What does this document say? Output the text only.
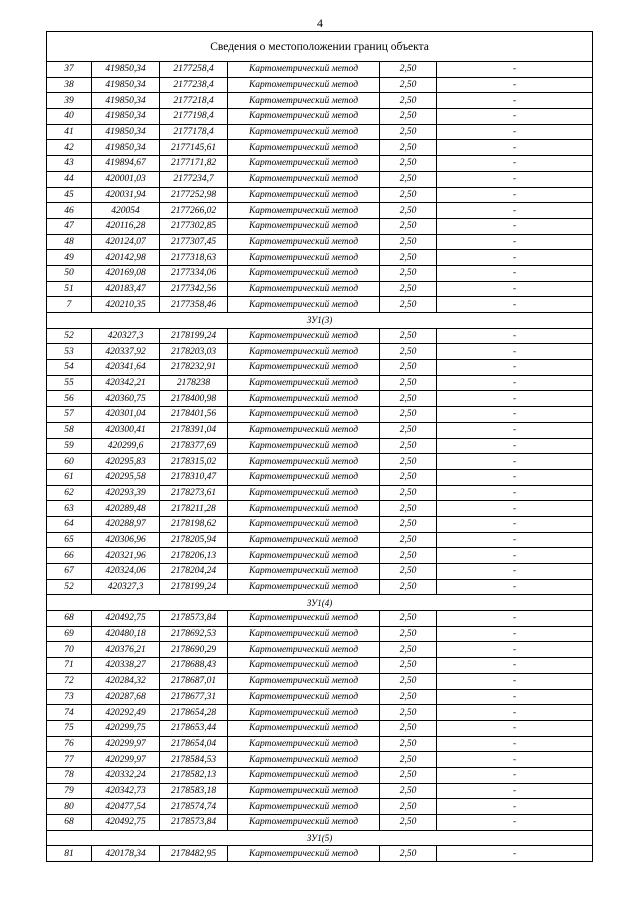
4
Сведения о местоположении границ объекта					
37	419850,34	2177258,4	Картометрический метод	2,50	-
38	419850,34	2177238,4	Картометрический метод	2,50	-
39	419850,34	2177218,4	Картометрический метод	2,50	-
40	419850,34	2177198,4	Картометрический метод	2,50	-
41	419850,34	2177178,4	Картометрический метод	2,50	-
42	419850,34	2177145,61	Картометрический метод	2,50	-
43	419894,67	2177171,82	Картометрический метод	2,50	-
44	420001,03	2177234,7	Картометрический метод	2,50	-
45	420031,94	2177252,98	Картометрический метод	2,50	-
46	420054	2177266,02	Картометрический метод	2,50	-
47	420116,28	2177302,85	Картометрический метод	2,50	-
48	420124,07	2177307,45	Картометрический метод	2,50	-
49	420142,98	2177318,63	Картометрический метод	2,50	-
50	420169,08	2177334,06	Картометрический метод	2,50	-
51	420183,47	2177342,56	Картометрический метод	2,50	-
7	420210,35	2177358,46	Картометрический метод	2,50	-
ЗУ1(3)					
52	420327,3	2178199,24	Картометрический метод	2,50	-
53	420337,92	2178203,03	Картометрический метод	2,50	-
54	420341,64	2178232,91	Картометрический метод	2,50	-
55	420342,21	2178238	Картометрический метод	2,50	-
56	420360,75	2178400,98	Картометрический метод	2,50	-
57	420301,04	2178401,56	Картометрический метод	2,50	-
58	420300,41	2178391,04	Картометрический метод	2,50	-
59	420299,6	2178377,69	Картометрический метод	2,50	-
60	420295,83	2178315,02	Картометрический метод	2,50	-
61	420295,58	2178310,47	Картометрический метод	2,50	-
62	420293,39	2178273,61	Картометрический метод	2,50	-
63	420289,48	2178211,28	Картометрический метод	2,50	-
64	420288,97	2178198,62	Картометрический метод	2,50	-
65	420306,96	2178205,94	Картометрический метод	2,50	-
66	420321,96	2178206,13	Картометрический метод	2,50	-
67	420324,06	2178204,24	Картометрический метод	2,50	-
52	420327,3	2178199,24	Картометрический метод	2,50	-
ЗУ1(4)					
68	420492,75	2178573,84	Картометрический метод	2,50	-
69	420480,18	2178692,53	Картометрический метод	2,50	-
70	420376,21	2178690,29	Картометрический метод	2,50	-
71	420338,27	2178688,43	Картометрический метод	2,50	-
72	420284,32	2178687,01	Картометрический метод	2,50	-
73	420287,68	2178677,31	Картометрический метод	2,50	-
74	420292,49	2178654,28	Картометрический метод	2,50	-
75	420299,75	2178653,44	Картометрический метод	2,50	-
76	420299,97	2178654,04	Картометрический метод	2,50	-
77	420299,97	2178584,53	Картометрический метод	2,50	-
78	420332,24	2178582,13	Картометрический метод	2,50	-
79	420342,73	2178583,18	Картометрический метод	2,50	-
80	420477,54	2178574,74	Картометрический метод	2,50	-
68	420492,75	2178573,84	Картометрический метод	2,50	-
ЗУ1(5)					
81	420178,34	2178482,95	Картометрический метод	2,50	-
